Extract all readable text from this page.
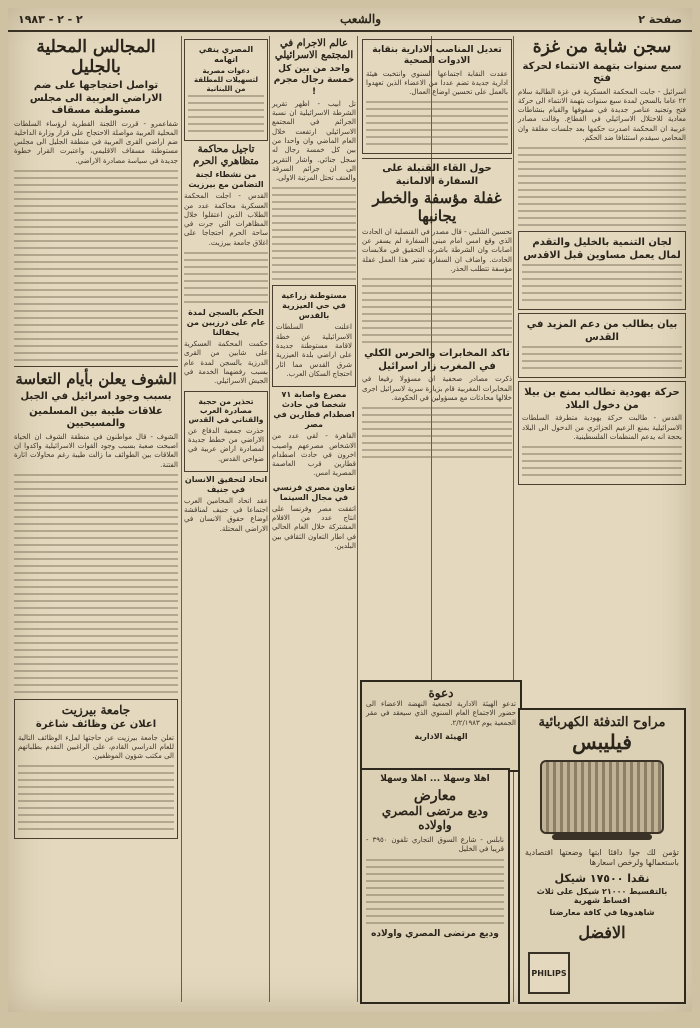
صفحة ٢
والشعب
٢ - ٢ - ١٩٨٣
سجن شابة من غزة
سبع سنوات بتهمة الانتماء لحركة فتح

اسرائيل - جابت المحكمة العسكرية في غزة الطالبة سلام ٢٢ عاما بالسجن لمدة سبع سنوات بتهمة الانتماء الى حركة فتح وتجنيد عناصر جديدة في صفوفها والقيام بنشاطات معادية للاحتلال الاسرائيلي في القطاع. وقالت مصادر عربية ان المحكمة اصدرت حكمها بعد جلسات مغلقة وان المحامي سيقدم استئنافا ضد الحكم.

لجان التنمية بالخليل والتقدم لمال يعمل مساوين قبل الاقدس
بيان يطالب من دعم المزيد في القدس
حركة يهودية تطالب بمنع بن بيلا من دخول البلاد

القدس - طالبت حركة يهودية متطرفة السلطات الاسرائيلية بمنع الزعيم الجزائري من الدخول الى البلاد بحجة انه يدعم المنظمات الفلسطينية.

تعديل المناصب الادارية بنقابة الادوات الصحية

عقدت النقابة اجتماعها السنوي وانتخبت هيئة ادارية جديدة تضم عددا من الاعضاء الذين تعهدوا بالعمل على تحسين اوضاع العمال.

حول القاء القنبلة على السفارة الالمانية
غفلة مؤسفة والخطر يجانبها

تحسين الشلبي - قال مصدر في القنصلية ان الحادث الذي وقع امس امام مبنى السفارة لم يسفر عن اصابات وان الشرطة باشرت التحقيق في ملابسات الحادث. واضاف ان السفارة تعتبر هذا العمل غفلة مؤسفة تتطلب الحذر.

تاكد المخابرات والحرس الكلي في المغرب زار اسرائيل

ذكرت مصادر صحفية ان مسؤولا رفيعا في المخابرات المغربية قام بزيارة سرية لاسرائيل اجرى خلالها محادثات مع مسؤولين في الحكومة.

عالم الاجرام في المجتمع الاسرائيلي
واحد من بين كل خمسة رجال مجرم !

تل ابيب - اظهر تقرير الشرطة الاسرائيلية ان نسبة الجرائم في المجتمع الاسرائيلي ارتفعت خلال العام الماضي وان واحدا من بين كل خمسة رجال له سجل جنائي. واشار التقرير الى ان جرائم السرقة والعنف تحتل المرتبة الاولى.

مستوطنة زراعية في حي العيزرية بالقدس

اعلنت السلطات الاسرائيلية عن خطة لاقامة مستوطنة جديدة على اراضي بلدة العيزرية شرق القدس مما اثار احتجاج السكان العرب.

مصرع واصابة ٧١ شخصا في حادث اصطدام قطارين في مصر

القاهرة - لقي عدد من الاشخاص مصرعهم واصيب اخرون في حادث اصطدام قطارين قرب العاصمة المصرية امس.

تعاون مصري فرنسي في مجال السينما

اتفقت مصر وفرنسا على انتاج عدد من الافلام المشتركة خلال العام الحالي في اطار التعاون الثقافي بين البلدين.

المصري ينفي اتهامه
دعوات مصرية لتسهيلات للمطلقة من اللبنانية
تاجيل محاكمة متظاهري الحرم
من نشطاء لجنة التضامن مع بيرزيت

القدس - اجلت المحكمة العسكرية محاكمة عدد من الطلاب الذين اعتقلوا خلال المظاهرات التي جرت في ساحة الحرم احتجاجا على اغلاق جامعة بيرزيت.

الحكم بالسجن لمدة عام على درزيين من يحفالنا

حكمت المحكمة العسكرية على شابين من القرى الدرزية بالسجن لمدة عام بسبب رفضهما الخدمة في الجيش الاسرائيلي.

تحذير من حجبة مصادرة العرب والقناني في القدس

حذرت جمعية الدفاع عن الاراضي من خطط جديدة لمصادرة اراض عربية في ضواحي القدس.

اتحاد لتحقيق الانسان في جنيف

عقد اتحاد المحامين العرب اجتماعا في جنيف لمناقشة اوضاع حقوق الانسان في الاراضي المحتلة.

المجالس المحلية بالجليل
تواصل احتجاجها على ضم الاراضي العربية الى مجلس مستوطنة مسقاف

شفاعمرو - قررت اللجنة القطرية لرؤساء السلطات المحلية العربية مواصلة الاحتجاج على قرار وزارة الداخلية ضم اراضي القرى العربية في منطقة الجليل الى مجلس مستوطنة مسقاف الاقليمي، واعتبرت القرار خطوة جديدة في سياسة مصادرة الاراضي.

الشوف يعلن بأيام التعاسة
بسبب وجود اسرائيل في الجبل
علاقات طيبة بين المسلمين والمسيحيين

الشوف - قال مواطنون في منطقة الشوف ان الحياة اصبحت صعبة بسبب وجود القوات الاسرائيلية واكدوا ان العلاقات بين الطوائف ما زالت طيبة رغم محاولات اثارة الفتنة.

جامعة بيرزيت
اعلان عن وظائف شاغرة

تعلن جامعة بيرزيت عن حاجتها لملء الوظائف التالية للعام الدراسي القادم، على الراغبين التقدم بطلباتهم الى مكتب شؤون الموظفين.

دعوة

تدعو الهيئة الادارية لجمعية النهضة الاعضاء الى حضور الاجتماع العام السنوي الذي سيعقد في مقر الجمعية يوم ٢/٢/١٩٨٣.

الهيئة الادارية
اهلا وسهلا ... اهلا وسهلا
معارض
وديع مرتضى المصري واولاده

نابلس - شارع السوق التجاري تلفون ٣٩٥٠ - قريبا في الخليل

وديع مرتضى المصري واولاده
مراوح التدفئة الكهربائية
فيليبس

تؤمن لك جوا دافئا ابتها وضعتها اقتصادية باستعمالها ولرخص اسعارها

نقدا ١٧٥٠٠ شيكل
بالتقسيط ٢١٠٠٠ شيكل على ثلاث اقساط شهرية
شاهدوها في كافة معارضنا
الافضل
PHILIPS
